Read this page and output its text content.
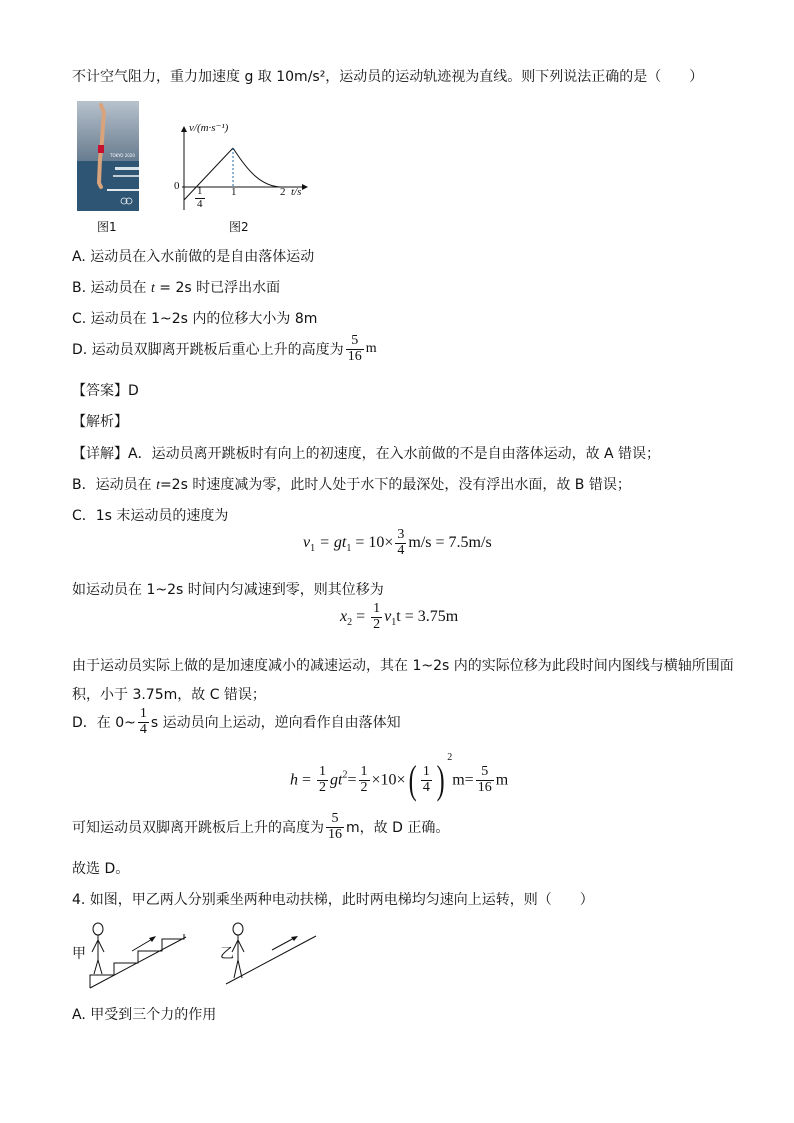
不计空气阻力，重力加速度 g 取 10m/s²，运动员的运动轨迹视为直线。则下列说法正确的是（　　）
TOKYO 2020
图1
v/(m·s⁻¹)
$0 \frac{1}{4} 1$	2 t/s
图2
A. 运动员在入水前做的是自由落体运动
B. 运动员在 t = 2s 时已浮出水面
C. 运动员在 1~2s 内的位移大小为 8m
D. 运动员双脚离开跳板后重心上升的高度为 $\frac{5}{16}$ m
【答案】D
【解析】
【详解】A．运动员离开跳板时有向上的初速度，在入水前做的不是自由落体运动，故 A 错误；
B．运动员在 t=2s 时速度减为零，此时人处于水下的最深处，没有浮出水面，故 B 错误；
C．1s 末运动员的速度为
$v_1 = gt_1 = 10\times \frac{3}{4} m/s = 7.5m/s$
如运动员在 1~2s 时间内匀减速到零，则其位移为
$x_2 = \frac{1}{2} v_1t = 3.75m$
由于运动员实际上做的是加速度减小的减速运动，其在 1~2s 内的实际位移为此段时间内图线与横轴所围面
积，小于 3.75m，故 C 错误；
D．在 0~ $\frac{1}{4}$ s 运动员向上运动，逆向看作自由落体知
$h = \frac{1}{2} gt^2= \frac{1}{2} \times 10\times( \frac{1}{4}$ ) $^2m= \frac{5}{16}$ m
可知运动员双脚离开跳板后上升的高度为 $\frac{5}{16}$ m，故 D 正确。
故选 D。
4. 如图，甲乙两人分别乘坐两种电动扶梯，此时两电梯均匀速向上运转，则（　　）
甲	乙
A. 甲受到三个力的作用
